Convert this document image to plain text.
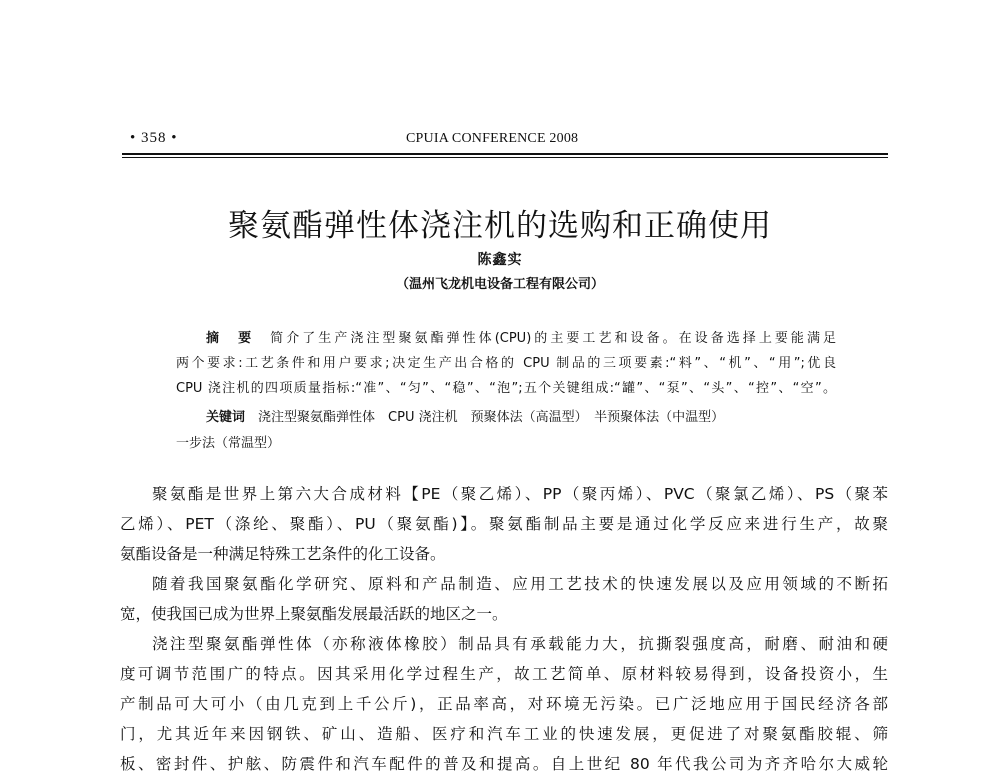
• 358 •	CPUIA CONFERENCE 2008
聚氨酯弹性体浇注机的选购和正确使用
陈鑫实
（温州飞龙机电设备工程有限公司）
摘　要　 简介了生产浇注型聚氨酯弹性体(CPU)的主要工艺和设备。在设备选择上要能满足
两个要求:工艺条件和用户要求;决定生产出合格的 CPU 制品的三项要素:“料”、“机”、“用”;优良
CPU 浇注机的四项质量指标:“准”、“匀”、“稳”、“泡”;五个关键组成:“罐”、“泵”、“头”、“控”、“空”。
关键词　 浇注型聚氨酯弹性体　CPU 浇注机　预聚体法（高温型）　半预聚体法（中温型）
一步法（常温型）
聚氨酯是世界上第六大合成材料【PE（聚乙烯）、PP（聚丙烯）、PVC（聚氯乙烯）、PS（聚苯
乙烯）、PET（涤纶、聚酯）、PU（聚氨酯)】。聚氨酯制品主要是通过化学反应来进行生产，故聚
氨酯设备是一种满足特殊工艺条件的化工设备。
随着我国聚氨酯化学研究、原料和产品制造、应用工艺技术的快速发展以及应用领域的不断拓
宽，使我国已成为世界上聚氨酯发展最活跃的地区之一。
浇注型聚氨酯弹性体（亦称液体橡胶）制品具有承载能力大，抗撕裂强度高，耐磨、耐油和硬
度可调节范围广的特点。因其采用化学过程生产，故工艺简单、原材料较易得到，设备投资小，生
产制品可大可小（由几克到上千公斤)，正品率高，对环境无污染。已广泛地应用于国民经济各部
门，尤其近年来因钢铁、矿山、造船、医疗和汽车工业的快速发展，更促进了对聚氨酯胶辊、筛
板、密封件、护舷、防震件和汽车配件的普及和提高。自上世纪 80 年代我公司为齐齐哈尔大威轮
